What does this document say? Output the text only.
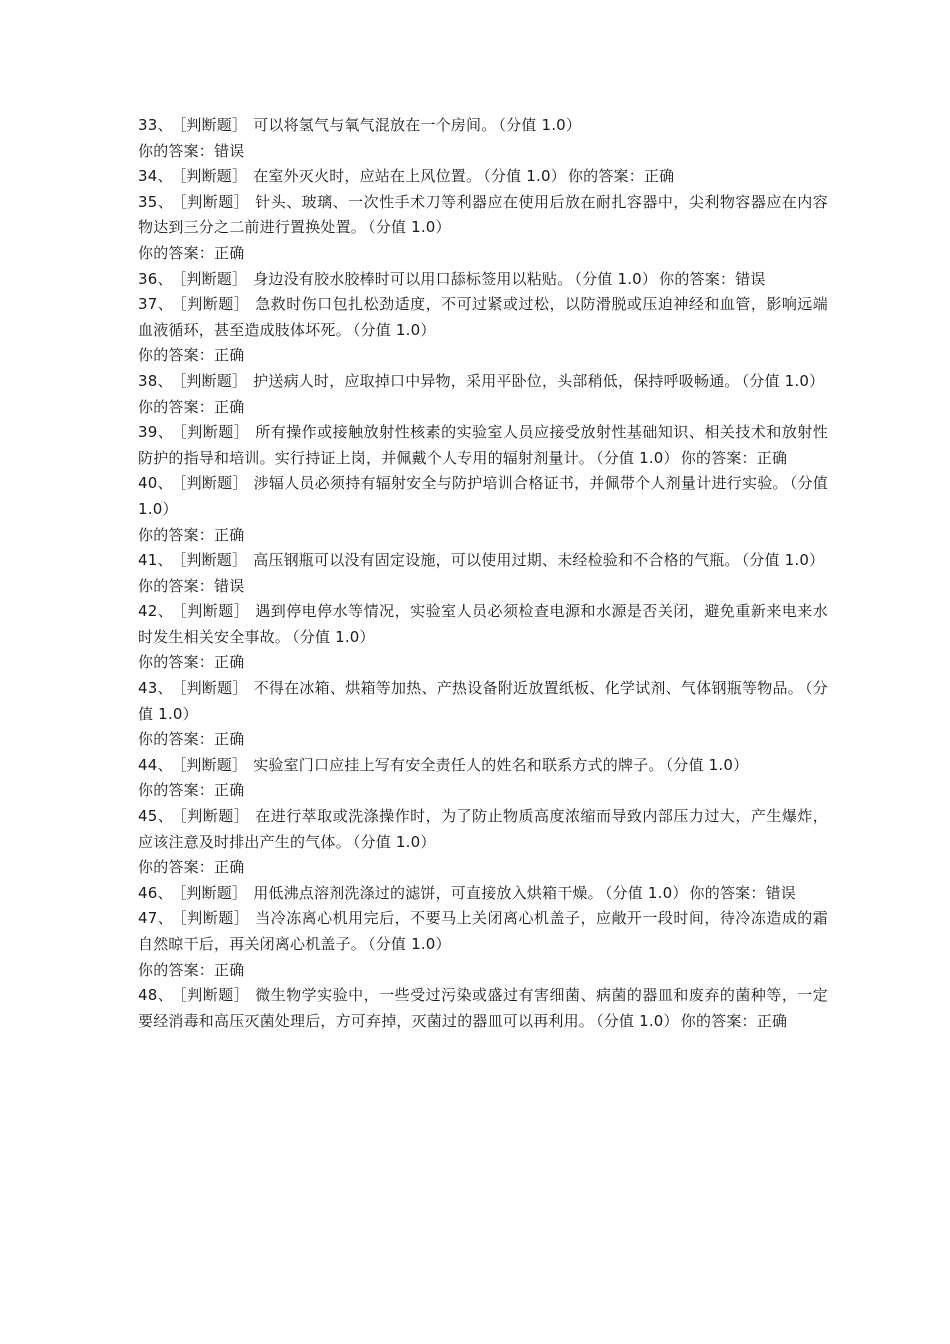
33、 ［判断题］ 可以将氢气与氧气混放在一个房间。 （分值 1.0）
你的答案：错误

34、 ［判断题］ 在室外灭火时，应站在上风位置。 （分值 1.0） 你的答案：正确

35、 ［判断题］ 针头、玻璃、一次性手术刀等利器应在使用后放在耐扎容器中，尖利物容器应在内容物达到三分之二前进行置换处置。 （分值 1.0）
你的答案：正确

36、 ［判断题］ 身边没有胶水胶棒时可以用口舔标签用以粘贴。 （分值 1.0） 你的答案：错误

37、 ［判断题］ 急救时伤口包扎松劲适度，不可过紧或过松，以防滑脱或压迫神经和血管，影响远端血液循环，甚至造成肢体坏死。 （分值 1.0）
你的答案：正确

38、 ［判断题］ 护送病人时，应取掉口中异物，采用平卧位，头部稍低，保持呼吸畅通。 （分值 1.0）
你的答案：正确

39、 ［判断题］ 所有操作或接触放射性核素的实验室人员应接受放射性基础知识、相关技术和放射性防护的指导和培训。实行持证上岗，并佩戴个人专用的辐射剂量计。 （分值 1.0） 你的答案：正确

40、 ［判断题］ 涉辐人员必须持有辐射安全与防护培训合格证书，并佩带个人剂量计进行实验。 （分值 1.0）
你的答案：正确

41、 ［判断题］ 高压钢瓶可以没有固定设施，可以使用过期、未经检验和不合格的气瓶。 （分值 1.0）
你的答案：错误

42、 ［判断题］ 遇到停电停水等情况，实验室人员必须检查电源和水源是否关闭，避免重新来电来水时发生相关安全事故。 （分值 1.0）
你的答案：正确

43、 ［判断题］ 不得在冰箱、烘箱等加热、产热设备附近放置纸板、化学试剂、气体钢瓶等物品。 （分值 1.0）
你的答案：正确

44、 ［判断题］ 实验室门口应挂上写有安全责任人的姓名和联系方式的牌子。 （分值 1.0）
你的答案：正确

45、 ［判断题］ 在进行萃取或洗涤操作时，为了防止物质高度浓缩而导致内部压力过大，产生爆炸，应该注意及时排出产生的气体。 （分值 1.0）
你的答案：正确

46、 ［判断题］ 用低沸点溶剂洗涤过的滤饼，可直接放入烘箱干燥。 （分值 1.0） 你的答案：错误

47、 ［判断题］ 当冷冻离心机用完后，不要马上关闭离心机盖子，应敞开一段时间，待冷冻造成的霜自然晾干后，再关闭离心机盖子。 （分值 1.0）
你的答案：正确

48、 ［判断题］ 微生物学实验中，一些受过污染或盛过有害细菌、病菌的器皿和废弃的菌种等，一定要经消毒和高压灭菌处理后，方可弃掉，灭菌过的器皿可以再利用。 （分值 1.0） 你的答案：正确
